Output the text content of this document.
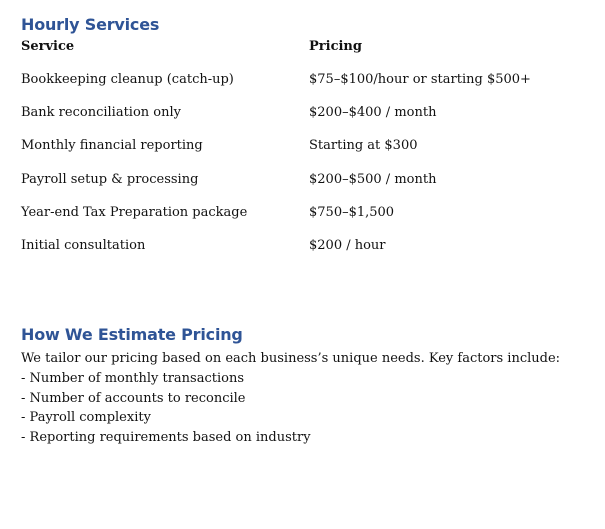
Hourly Services
Service	Pricing
Bookkeeping cleanup (catch-up)	$75–$100/hour or starting $500+
Bank reconciliation only	$200–$400 / month
Monthly financial reporting	Starting at $300
Payroll setup & processing	$200–$500 / month
Year-end Tax Preparation package	$750–$1,500
Initial consultation	$200 / hour
How We Estimate Pricing
We tailor our pricing based on each business’s unique needs. Key factors include:
- Number of monthly transactions
- Number of accounts to reconcile
- Payroll complexity
- Reporting requirements based on industry
